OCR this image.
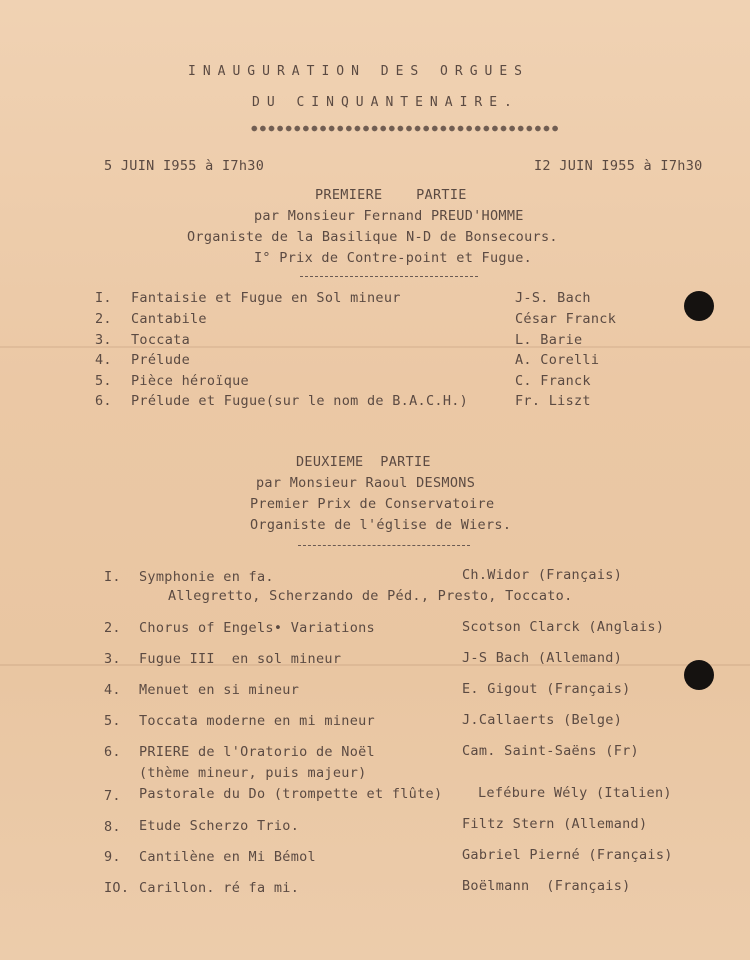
INAUGURATION DES ORGUES
DU CINQUANTENAIRE.
5 JUIN I955 à I7h30	I2 JUIN I955 à I7h30
PREMIERE    PARTIE
par Monsieur Fernand PREUD'HOMME
Organiste de la Basilique N-D de Bonsecours.
I° Prix de Contre-point et Fugue.
I. Fantaisie et Fugue en Sol mineur	J-S. Bach
2. Cantabile	César Franck
3. Toccata	L. Barie
4. Prélude	A. Corelli
5. Pièce héroïque	C. Franck
6. Prélude et Fugue(sur le nom de B.A.C.H.)	Fr. Liszt
DEUXIEME  PARTIE
par Monsieur Raoul DESMONS
Premier Prix de Conservatoire
Organiste de l'église de Wiers.
I. Symphonie en fa.	Ch.Widor (Français)
Allegretto, Scherzando de Péd., Presto, Toccato.
2. Chorus of Engels• Variations	Scotson Clarck (Anglais)
3. Fugue III  en sol mineur	J-S Bach (Allemand)
4. Menuet en si mineur	E. Gigout (Français)
5. Toccata moderne en mi mineur	J.Callaerts (Belge)
6. PRIERE de l'Oratorio de Noël	Cam. Saint-Saëns (Fr)
(thème mineur, puis majeur)
7. Pastorale du Do (trompette et flûte)	Lefébure Wély (Italien)
8. Etude Scherzo Trio.	Filtz Stern (Allemand)
9. Cantilène en Mi Bémol	Gabriel Pierné (Français)
IO. Carillon. ré fa mi.	Boëlmann  (Français)
